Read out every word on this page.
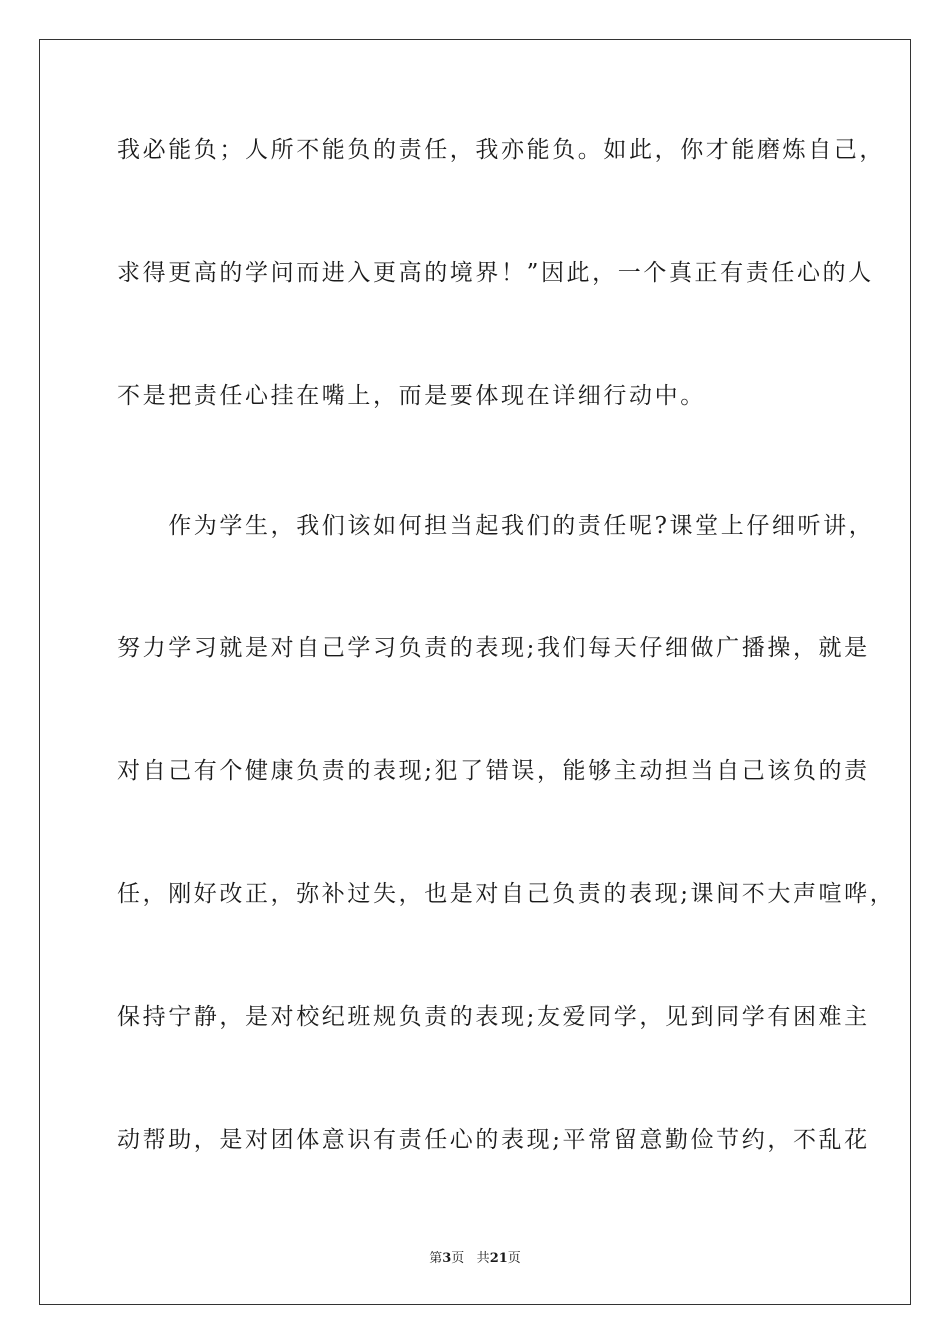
我必能负；人所不能负的责任，我亦能负。如此，你才能磨炼自己，
求得更高的学问而进入更高的境界！”因此，一个真正有责任心的人
不是把责任心挂在嘴上，而是要体现在详细行动中。
　　作为学生，我们该如何担当起我们的责任呢?课堂上仔细听讲，
努力学习就是对自己学习负责的表现;我们每天仔细做广播操，就是
对自己有个健康负责的表现;犯了错误，能够主动担当自己该负的责
任，刚好改正，弥补过失，也是对自己负责的表现;课间不大声喧哗，
保持宁静，是对校纪班规负责的表现;友爱同学，见到同学有困难主
动帮助，是对团体意识有责任心的表现;平常留意勤俭节约，不乱花
第3页 共21页
